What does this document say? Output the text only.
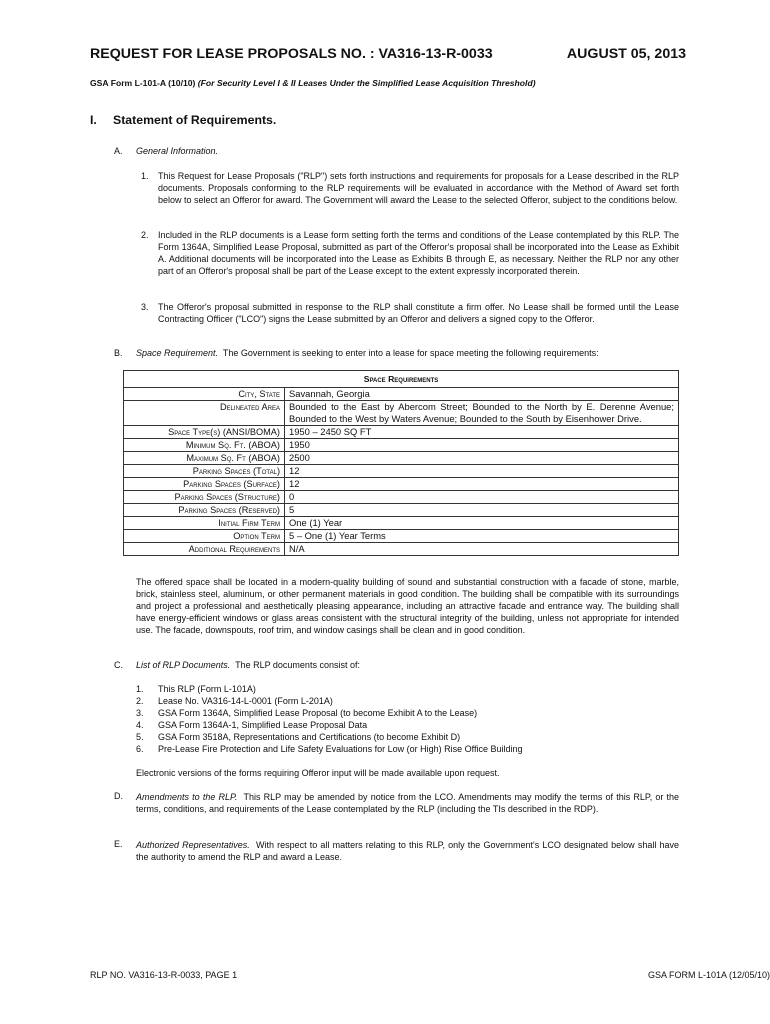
REQUEST FOR LEASE PROPOSALS NO. : VA316-13-R-0033	AUGUST 05, 2013
GSA Form L-101-A (10/10) (For Security Level I & II Leases Under the Simplified Lease Acquisition Threshold)
I. Statement of Requirements.
A. General Information.
1. This Request for Lease Proposals ("RLP") sets forth instructions and requirements for proposals for a Lease described in the RLP documents. Proposals conforming to the RLP requirements will be evaluated in accordance with the Method of Award set forth below to select an Offeror for award. The Government will award the Lease to the selected Offeror, subject to the conditions below.
2. Included in the RLP documents is a Lease form setting forth the terms and conditions of the Lease contemplated by this RLP. The Form 1364A, Simplified Lease Proposal, submitted as part of the Offeror's proposal shall be incorporated into the Lease as Exhibit A. Additional documents will be incorporated into the Lease as Exhibits B through E, as necessary. Neither the RLP nor any other part of an Offeror's proposal shall be part of the Lease except to the extent expressly incorporated therein.
3. The Offeror's proposal submitted in response to the RLP shall constitute a firm offer. No Lease shall be formed until the Lease Contracting Officer ("LCO") signs the Lease submitted by an Offeror and delivers a signed copy to the Offeror.
B. Space Requirement. The Government is seeking to enter into a lease for space meeting the following requirements:
Space Requirements	
City, State	Savannah, Georgia
Delineated Area	Bounded to the East by Abercom Street; Bounded to the North by E. Derenne Avenue; Bounded to the West by Waters Avenue; Bounded to the South by Eisenhower Drive.
Space Type(s) (ANSI/BOMA)	1950 – 2450 SQ FT
Minimum Sq. Ft. (ABOA)	1950
Maximum Sq. Ft (ABOA)	2500
Parking Spaces (Total)	12
Parking Spaces (Surface)	12
Parking Spaces (Structure)	0
Parking Spaces (Reserved)	5
Initial Firm Term	One (1) Year
Option Term	5 – One (1) Year Terms
Additional Requirements	N/A
The offered space shall be located in a modern-quality building of sound and substantial construction with a facade of stone, marble, brick, stainless steel, aluminum, or other permanent materials in good condition. The building shall be compatible with its surroundings and project a professional and aesthetically pleasing appearance, including an attractive facade and entrance way. The building shall have energy-efficient windows or glass areas consistent with the structural integrity of the building, unless not appropriate for intended use. The facade, downspouts, roof trim, and window casings shall be clean and in good condition.
C. List of RLP Documents. The RLP documents consist of:
1. This RLP (Form L-101A)
2. Lease No. VA316-14-L-0001 (Form L-201A)
3. GSA Form 1364A, Simplified Lease Proposal (to become Exhibit A to the Lease)
4. GSA Form 1364A-1, Simplified Lease Proposal Data
5. GSA Form 3518A, Representations and Certifications (to become Exhibit D)
6. Pre-Lease Fire Protection and Life Safety Evaluations for Low (or High) Rise Office Building
Electronic versions of the forms requiring Offeror input will be made available upon request.
D. Amendments to the RLP. This RLP may be amended by notice from the LCO. Amendments may modify the terms of this RLP, or the terms, conditions, and requirements of the Lease contemplated by the RLP (including the TIs described in the RDP).
E. Authorized Representatives. With respect to all matters relating to this RLP, only the Government's LCO designated below shall have the authority to amend the RLP and award a Lease.
RLP NO. VA316-13-R-0033, PAGE 1	GSA FORM L-101A (12/05/10)
